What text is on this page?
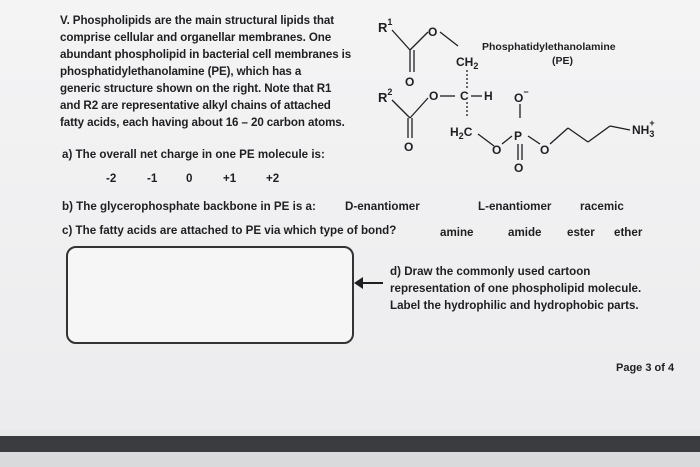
V. Phospholipids are the main structural lipids that
comprise cellular and organellar membranes. One
abundant phospholipid in bacterial cell membranes is
phosphatidylethanolamine (PE), which has a
generic structure shown on the right. Note that R1
and R2 are representative alkyl chains of attached
fatty acids, each having about 16 – 20 carbon atoms.
$R^1$
O
O
$CH_2$
Phosphatidylethanolamine
(PE)
$R^2$	O
O
C H O−
$H_2C$
O
P
O
O
$NH_3+$
a) The overall net charge in one PE molecule is:
-2	-1 0	+1	+2
b) The glycerophosphate backbone in PE is a:	D-enantiomer	L-enantiomer racemic
c) The fatty acids are attached to PE via which type of bond?	amine	amide ester ether
d) Draw the commonly used cartoon
representation of one phospholipid molecule.
Label the hydrophilic and hydrophobic parts.
Page 3 of 4
